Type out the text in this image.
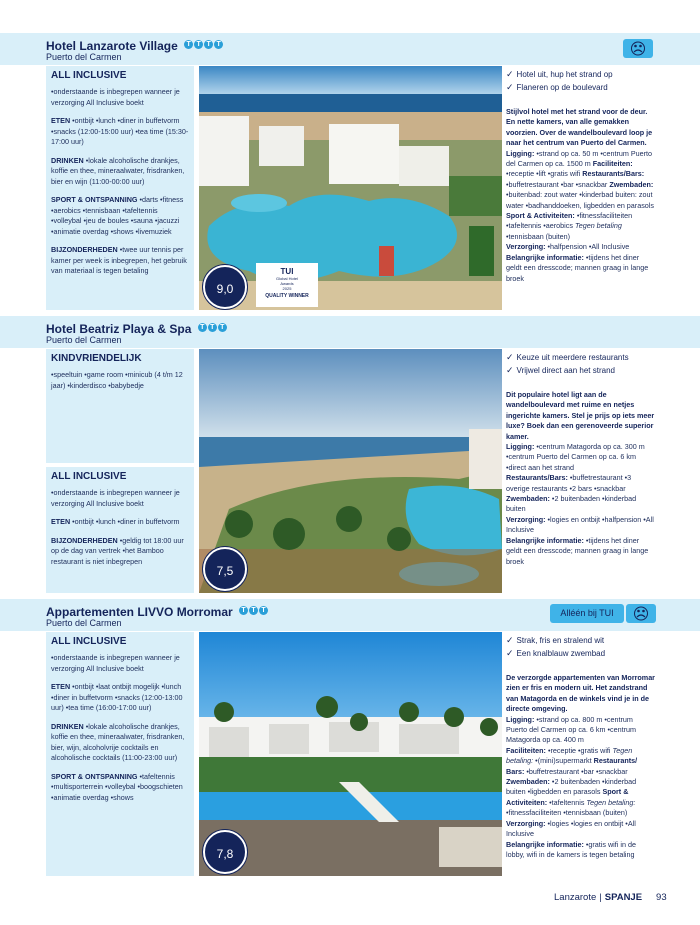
Hotel Lanzarote Village TTTT
Puerto del Carmen
ALL INCLUSIVE
•onderstaande is inbegrepen wanneer je verzorging All Inclusive boekt
ETEN •ontbijt •lunch •diner in buffetvorm •snacks (12:00-15:00 uur) •tea time (15:30-17:00 uur)
DRINKEN •lokale alcoholische drankjes, koffie en thee, mineraalwater, frisdranken, bier en wijn (11:00-00:00 uur)
SPORT & ONTSPANNING •darts •fitness •aerobics •tennisbaan •tafeltennis •volleybal •jeu de boules •sauna •jacuzzi •animatie overdag •shows •livemuziek
BIJZONDERHEDEN •twee uur tennis per kamer per week is inbegrepen, het gebruik van materiaal is tegen betaling
9,0
TUI
Global Hotel
Awards
2025
QUALITY WINNER
✓ Hotel uit, hup het strand op
✓ Flaneren op de boulevard
Stijlvol hotel met het strand voor de deur. En nette kamers, van alle gemakken voorzien. Over de wandelboulevard loop je naar het centrum van Puerto del Carmen.
Ligging: •strand op ca. 50 m •centrum Puerto del Carmen op ca. 1500 m Faciliteiten: •receptie •lift •gratis wifi Restaurants/Bars: •buffetrestaurant •bar •snackbar Zwembaden: •buitenbad: zout water •kinderbad buiten: zout water •badhanddoeken, ligbedden en parasols Sport & Activiteiten: •fitnessfaciliteiten •tafeltennis •aerobics Tegen betaling •tennisbaan (buiten)
Verzorging: •halfpension •All Inclusive
Belangrijke informatie: •tijdens het diner geldt een dresscode; mannen graag in lange broek
Hotel Beatriz Playa & Spa TTT
Puerto del Carmen
KINDVRIENDELIJK
•speeltuin •game room •minicub (4 t/m 12 jaar) •kinderdisco •babybedje
ALL INCLUSIVE
•onderstaande is inbegrepen wanneer je verzorging All Inclusive boekt
ETEN •ontbijt •lunch •diner in buffetvorm
BIJZONDERHEDEN •geldig tot 18:00 uur op de dag van vertrek •het Bamboo restaurant is niet inbegrepen
7,5
✓ Keuze uit meerdere restaurants
✓ Vrijwel direct aan het strand
Dit populaire hotel ligt aan de wandelboulevard met ruime en netjes ingerichte kamers. Stel je prijs op iets meer luxe? Boek dan een gerenoveerde superior kamer.
Ligging: •centrum Matagorda op ca. 300 m •centrum Puerto del Carmen op ca. 6 km •direct aan het strand
Restaurants/Bars: •buffetrestaurant •3 overige restaurants •2 bars •snackbar
Zwembaden: •2 buitenbaden •kinderbad buiten
Verzorging: •logies en ontbijt •halfpension •All Inclusive
Belangrijke informatie: •tijdens het diner geldt een dresscode; mannen graag in lange broek
Appartementen LIVVO Morromar TTT
Puerto del Carmen
Alléén bij TUI
ALL INCLUSIVE
•onderstaande is inbegrepen wanneer je verzorging All Inclusive boekt
ETEN •ontbijt •laat ontbijt mogelijk •lunch •diner in buffetvorm •snacks (12:00-13:00 uur) •tea time (16:00-17:00 uur)
DRINKEN •lokale alcoholische drankjes, koffie en thee, mineraalwater, frisdranken, bier, wijn, alcoholvrije cocktails en alcoholische cocktails (11:00-23:00 uur)
SPORT & ONTSPANNING •tafeltennis •multisporterrein •volleybal •boogschieten •animatie overdag •shows
7,8
✓ Strak, fris en stralend wit
✓ Een knalblauw zwembad
De verzorgde appartementen van Morromar zien er fris en modern uit. Het zandstrand van Matagorda en de winkels vind je in de directe omgeving.
Ligging: •strand op ca. 800 m •centrum Puerto del Carmen op ca. 6 km •centrum Matagorda op ca. 400 m
Faciliteiten: •receptie •gratis wifi Tegen betaling: •(mini)supermarkt Restaurants/ Bars: •buffetrestaurant •bar •snackbar Zwembaden: •2 buitenbaden •kinderbad buiten •ligbedden en parasols Sport & Activiteiten: •tafeltennis Tegen betaling: •fitnessfaciliteiten •tennisbaan (buiten)
Verzorging: •logies •logies en ontbijt •All Inclusive
Belangrijke informatie: •gratis wifi in de lobby, wifi in de kamers is tegen betaling
Lanzarote | SPANJE 93
